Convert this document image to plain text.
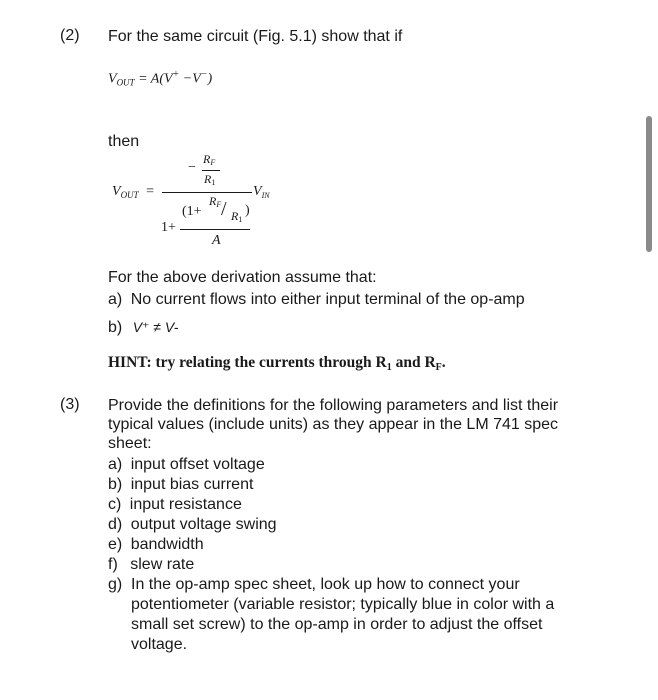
(2) For the same circuit (Fig. 5.1) show that if
$V_{OUT} = A(V^+ -V^-)$
then
$V_{OUT}$ =
−
RF
R1
$V_{IN}$
(1+
RF / R1
)
1+
A
For the above derivation assume that:
a) No current flows into either input terminal of the op-amp
b) V⁺ ≠ V-
HINT: try relating the currents through R1 and RF.
(3) Provide the definitions for the following parameters and list their
typical values (include units) as they appear in the LM 741 spec
sheet:
a) input offset voltage
b) input bias current
c) input resistance
d) output voltage swing
e) bandwidth
f) slew rate
g) In the op-amp spec sheet, look up how to connect your
potentiometer (variable resistor; typically blue in color with a
small set screw) to the op-amp in order to adjust the offset
voltage.
